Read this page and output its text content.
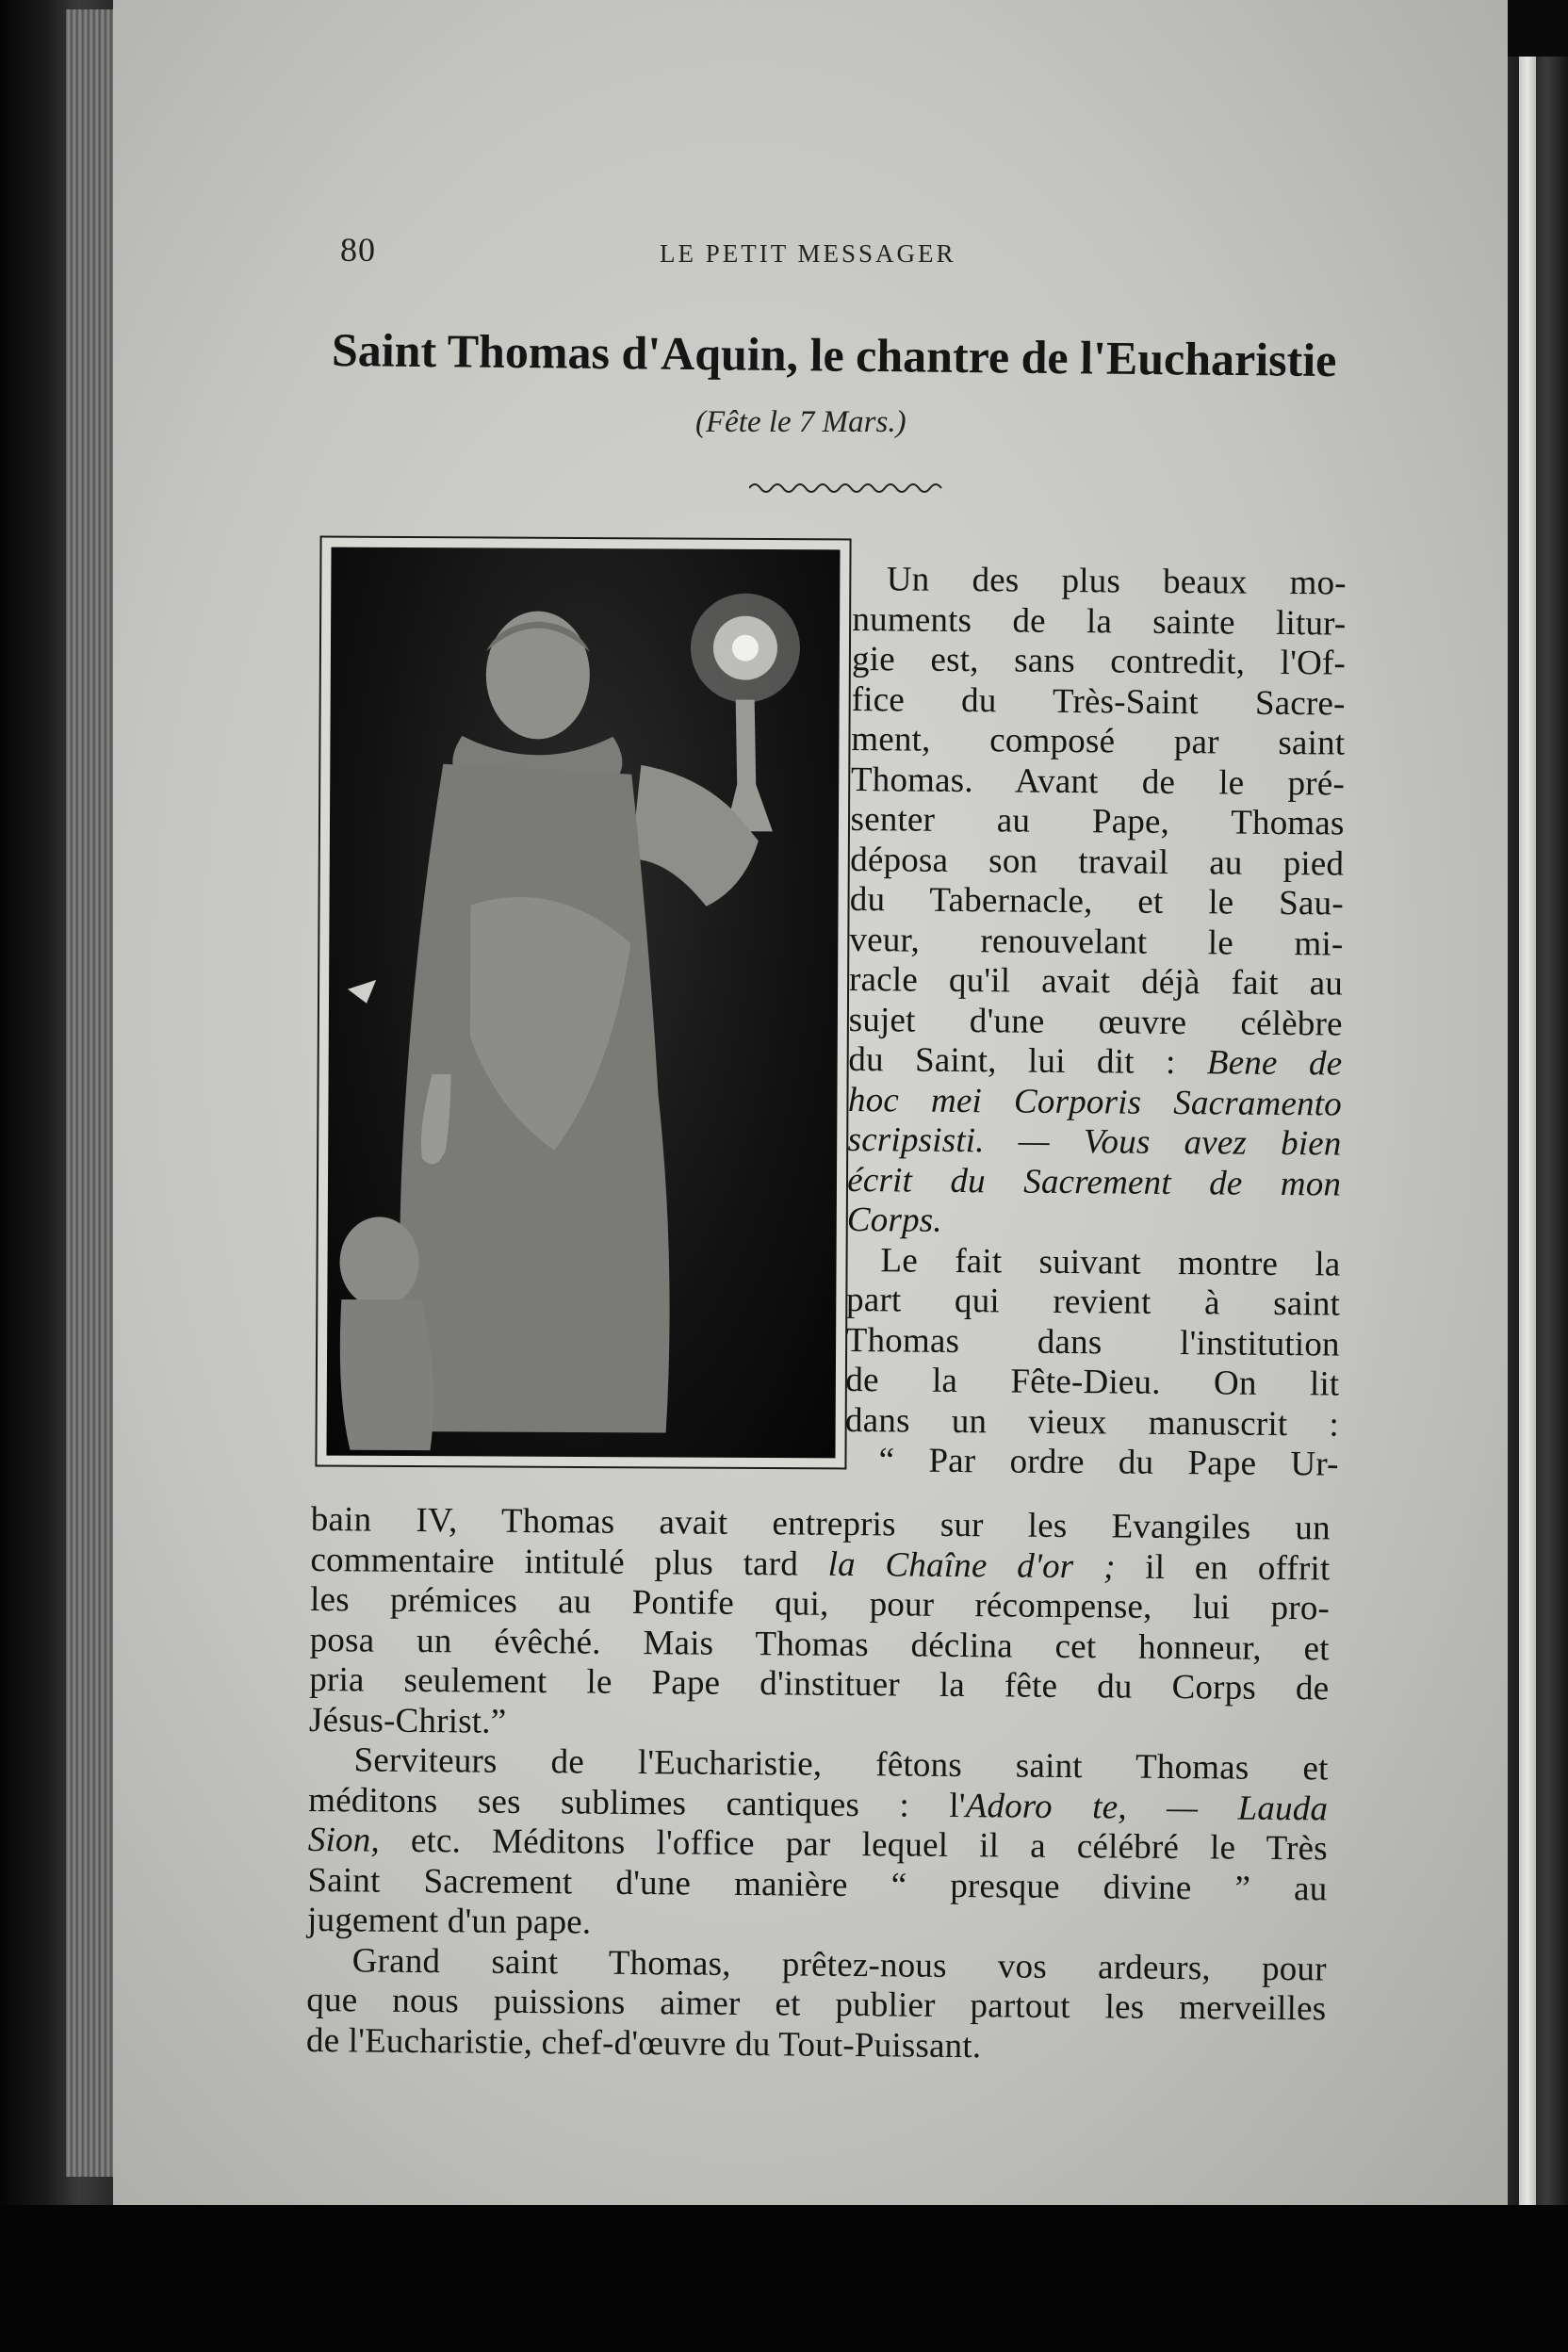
80	LE PETIT MESSAGER
Saint Thomas d'Aquin, le chantre de l'Eucharistie
(Fête le 7 Mars.)
Un des plus beaux mo-
numents de la sainte litur-
gie est, sans contredit, l'Of-
fice du Très-Saint Sacre-
ment, composé par saint
Thomas. Avant de le pré-
senter au Pape, Thomas
déposa son travail au pied
du Tabernacle, et le Sau-
veur, renouvelant le mi-
racle qu'il avait déjà fait au
sujet d'une œuvre célèbre
du Saint, lui dit : Bene de
hoc mei Corporis Sacramento
scripsisti. — Vous avez bien
écrit du Sacrement de mon
Corps.
Le fait suivant montre la
part qui revient à saint
Thomas dans l'institution
de la Fête-Dieu. On lit
dans un vieux manuscrit :
“ Par ordre du Pape Ur-
bain IV, Thomas avait entrepris sur les Evangiles un
commentaire intitulé plus tard la Chaîne d'or ; il en offrit
les prémices au Pontife qui, pour récompense, lui pro-
posa un évêché. Mais Thomas déclina cet honneur, et
pria seulement le Pape d'instituer la fête du Corps de
Jésus-Christ.”
Serviteurs de l'Eucharistie, fêtons saint Thomas et
méditons ses sublimes cantiques : l'Adoro te, — Lauda
Sion, etc. Méditons l'office par lequel il a célébré le Très
Saint Sacrement d'une manière “ presque divine ” au
jugement d'un pape.
Grand saint Thomas, prêtez-nous vos ardeurs, pour
que nous puissions aimer et publier partout les merveilles
de l'Eucharistie, chef-d'œuvre du Tout-Puissant.
